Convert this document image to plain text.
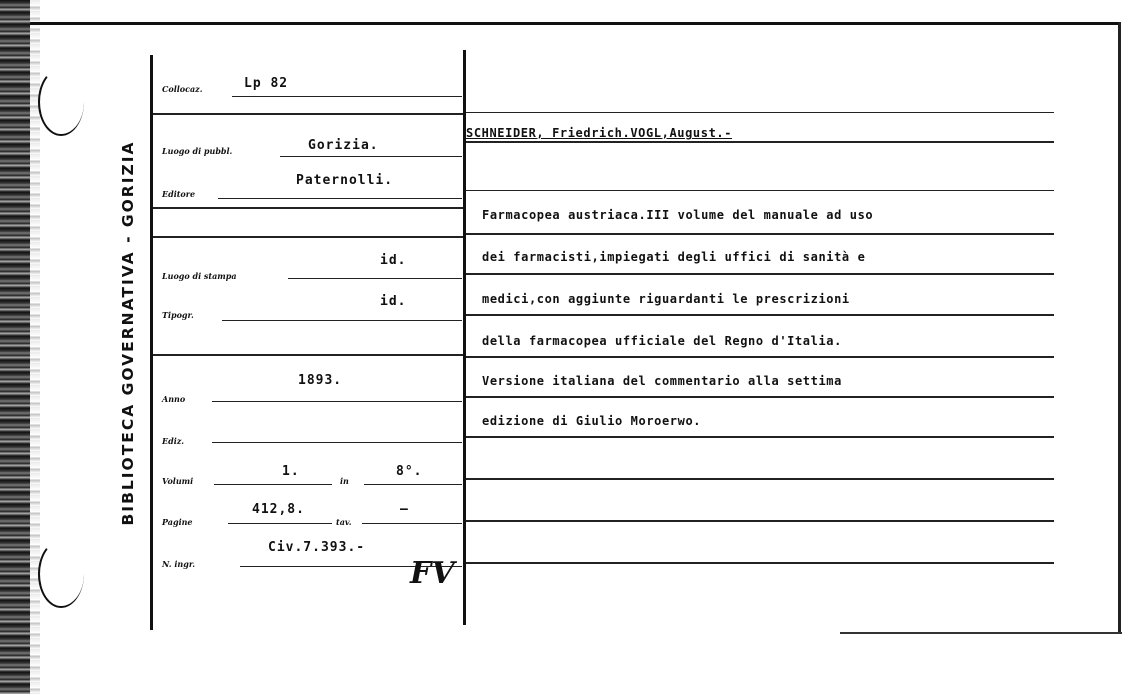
BIBLIOTECA GOVERNATIVA - GORIZIA
Collocaz.	Lp 82
Luogo di pubbl.	Gorizia.
Editore
Paternolli.
Luogo di stampa
id.
Tipogr.
id.
Anno
1893.
Ediz.
Volumi
1.
in
8°.
Pagine
412,8.
tav.
—
N. ingr.
Civ.7.393.-
FV
SCHNEIDER, Friedrich.VOGL,August.-
Farmacopea austriaca.III volume del manuale ad uso
dei farmacisti,impiegati degli uffici di sanità e
medici,con aggiunte riguardanti le prescrizioni
della farmacopea ufficiale del Regno d'Italia.
Versione italiana del commentario alla settima
edizione di Giulio Moroerwo.
